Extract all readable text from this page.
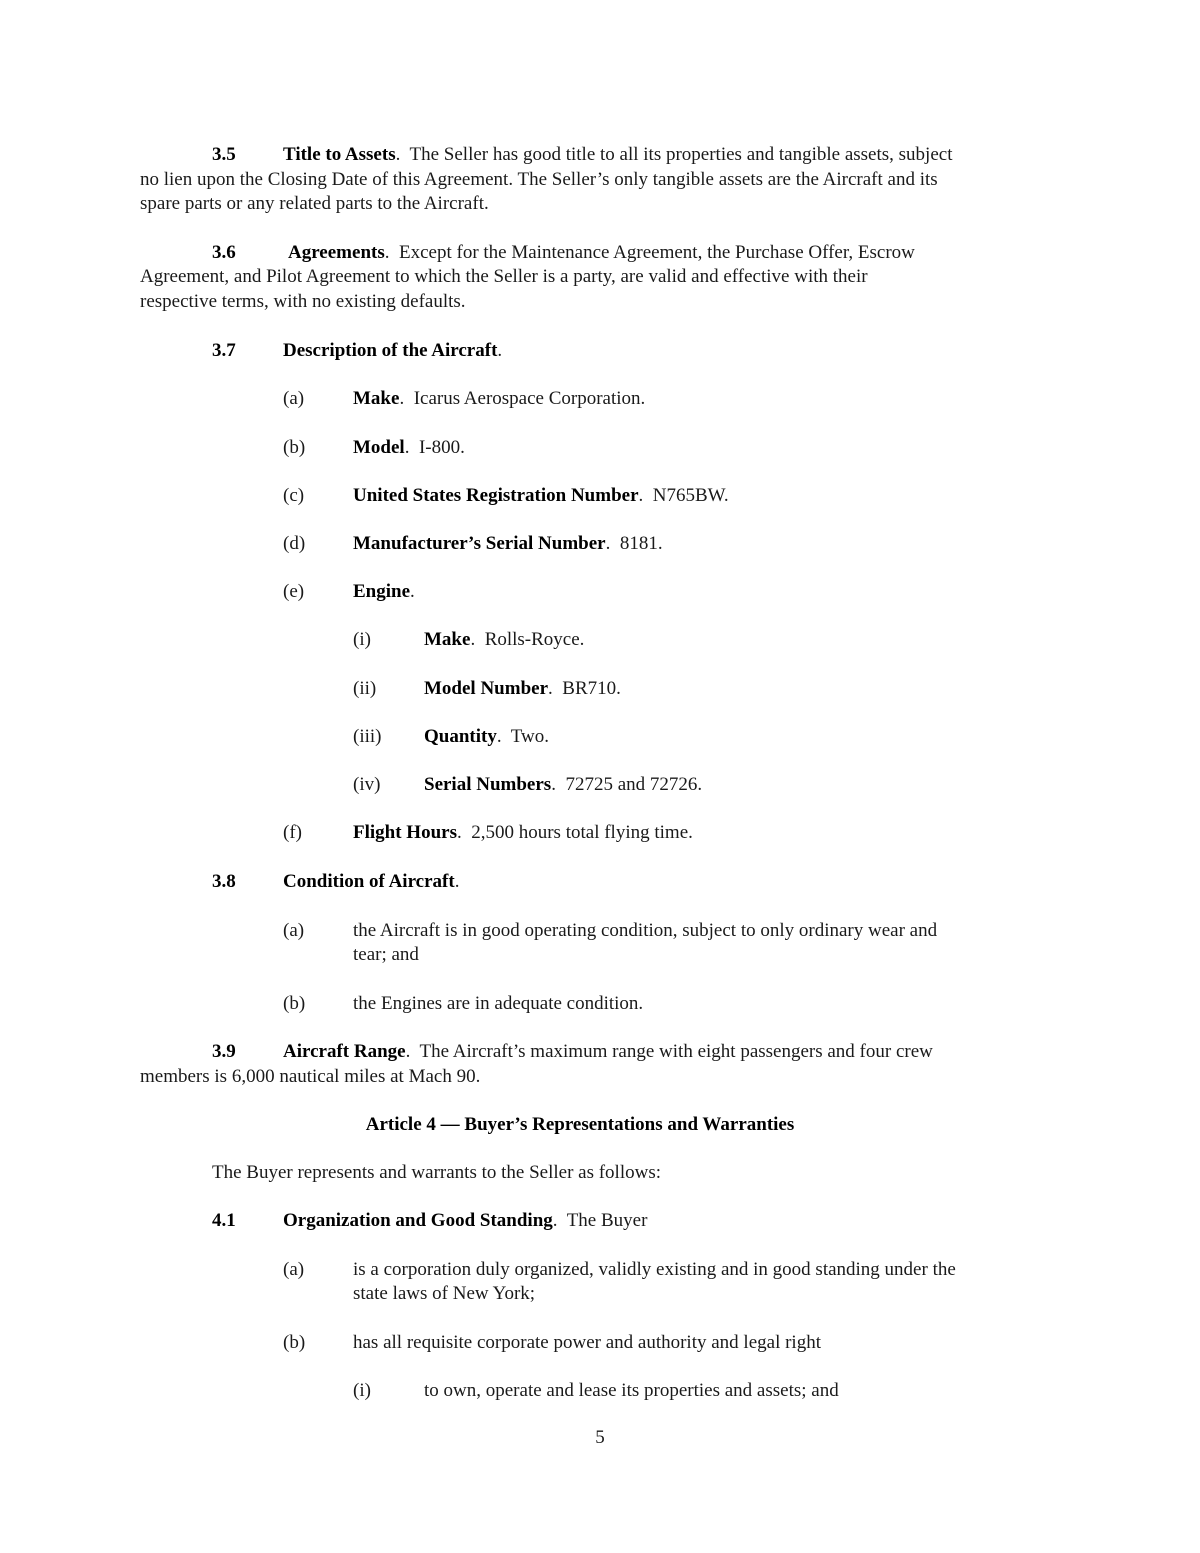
3.5 Title to Assets.  The Seller has good title to all its properties and tangible assets, subject
no lien upon the Closing Date of this Agreement. The Seller’s only tangible assets are the Aircraft and its
spare parts or any related parts to the Aircraft.
3.6	Agreements.  Except for the Maintenance Agreement, the Purchase Offer, Escrow
Agreement, and Pilot Agreement to which the Seller is a party, are valid and effective with their
respective terms, with no existing defaults.
3.7 Description of the Aircraft.
(a)	Make.  Icarus Aerospace Corporation.
(b)	Model.  I-800.
(c)	United States Registration Number.  N765BW.
(d)	Manufacturer’s Serial Number.  8181.
(e)	Engine.
(i)	Make.  Rolls-Royce.
(ii)	Model Number.  BR710.
(iii) Quantity.  Two.
(iv) Serial Numbers.  72725 and 72726.
(f)	Flight Hours.  2,500 hours total flying time.
3.8 Condition of Aircraft.
(a)	the Aircraft is in good operating condition, subject to only ordinary wear and
tear; and
(b)	the Engines are in adequate condition.
3.9 Aircraft Range.  The Aircraft’s maximum range with eight passengers and four crew
members is 6,000 nautical miles at Mach 90.
Article 4 — Buyer’s Representations and Warranties
The Buyer represents and warrants to the Seller as follows:
4.1 Organization and Good Standing.  The Buyer
(a)	is a corporation duly organized, validly existing and in good standing under the
state laws of New York;
(b)	has all requisite corporate power and authority and legal right
(i)	to own, operate and lease its properties and assets; and
5
